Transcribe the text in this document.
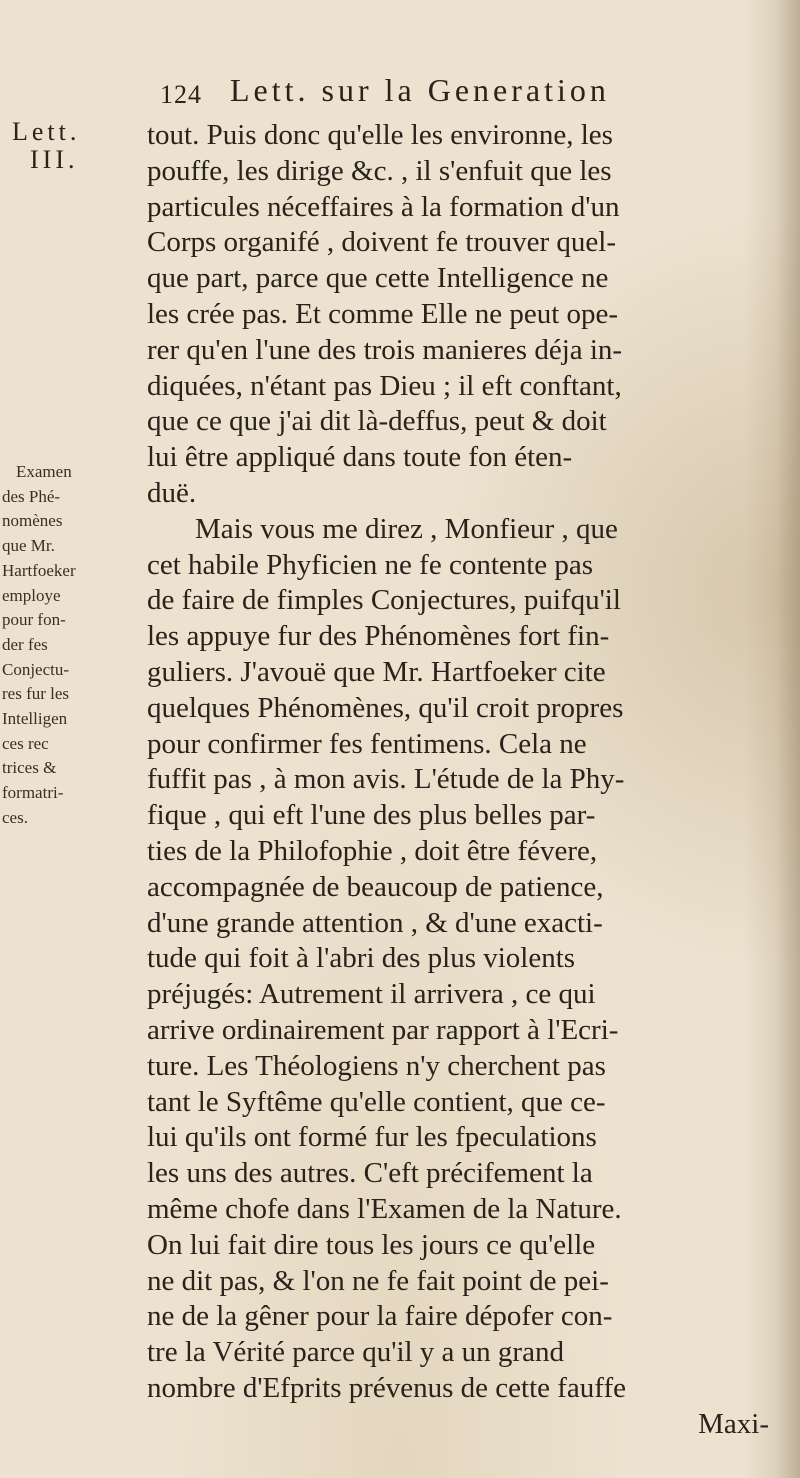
124 Lett. sur la Generation
Lett.
III.
Examen
des Phé-
nomènes
que Mr.
Hartfoeker
employe
pour fon-
der fes
Conjectu-
res fur les
Intelligen
ces rec
trices &
formatri-
ces.
tout. Puis donc qu'elle les environne, les
pouffe, les dirige &c. , il s'enfuit que les
particules néceffaires à la formation d'un
Corps organifé , doivent fe trouver quel-
que part, parce que cette Intelligence ne
les crée pas. Et comme Elle ne peut ope-
rer qu'en l'une des trois manieres déja in-
diquées, n'étant pas Dieu ; il eft conftant,
que ce que j'ai dit là-deffus, peut & doit
lui être appliqué dans toute fon éten-
duë.
Mais vous me direz , Monfieur , que
cet habile Phyficien ne fe contente pas
de faire de fimples Conjectures, puifqu'il
les appuye fur des Phénomènes fort fin-
guliers. J'avouë que Mr. Hartfoeker cite
quelques Phénomènes, qu'il croit propres
pour confirmer fes fentimens. Cela ne
fuffit pas , à mon avis. L'étude de la Phy-
fique , qui eft l'une des plus belles par-
ties de la Philofophie , doit être févere,
accompagnée de beaucoup de patience,
d'une grande attention , & d'une exacti-
tude qui foit à l'abri des plus violents
préjugés: Autrement il arrivera , ce qui
arrive ordinairement par rapport à l'Ecri-
ture. Les Théologiens n'y cherchent pas
tant le Syftême qu'elle contient, que ce-
lui qu'ils ont formé fur les fpeculations
les uns des autres. C'eft précifement la
même chofe dans l'Examen de la Nature.
On lui fait dire tous les jours ce qu'elle
ne dit pas, & l'on ne fe fait point de pei-
ne de la gêner pour la faire dépofer con-
tre la Vérité parce qu'il y a un grand
nombre d'Efprits prévenus de cette fauffe
Maxi-
